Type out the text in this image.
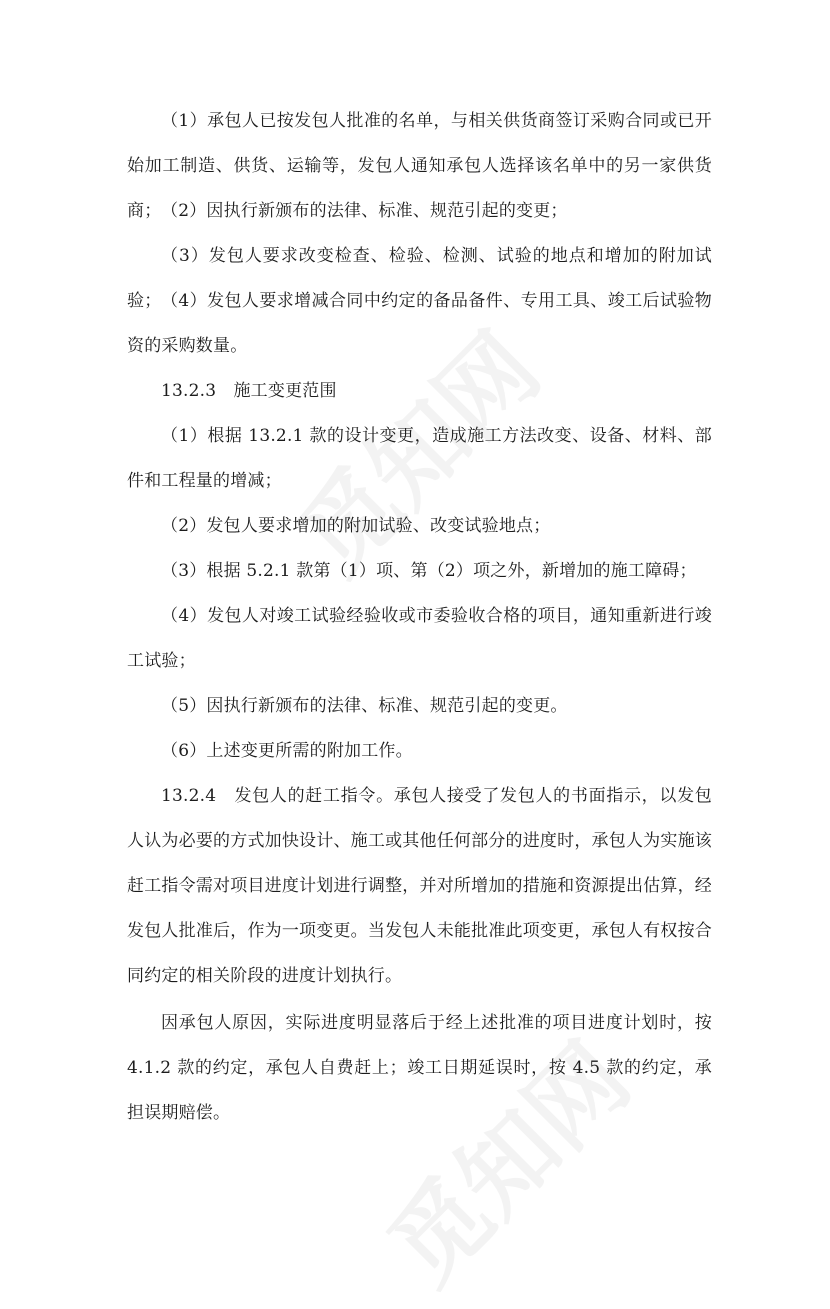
（1）承包人已按发包人批准的名单，与相关供货商签订采购合同或已开始加工制造、供货、运输等，发包人通知承包人选择该名单中的另一家供货商； （2）因执行新颁布的法律、标准、规范引起的变更；

（3）发包人要求改变检查、检验、检测、试验的地点和增加的附加试验； （4）发包人要求增减合同中约定的备品备件、专用工具、竣工后试验物资的采购数量。

13.2.3　施工变更范围

（1）根据 13.2.1 款的设计变更，造成施工方法改变、设备、材料、部件和工程量的增减；

（2）发包人要求增加的附加试验、改变试验地点；

（3）根据 5.2.1 款第（1）项、第（2）项之外，新增加的施工障碍；

（4）发包人对竣工试验经验收或市委验收合格的项目，通知重新进行竣工试验；

（5）因执行新颁布的法律、标准、规范引起的变更。

（6）上述变更所需的附加工作。

13.2.4　发包人的赶工指令。承包人接受了发包人的书面指示，以发包人认为必要的方式加快设计、施工或其他任何部分的进度时，承包人为实施该赶工指令需对项目进度计划进行调整，并对所增加的措施和资源提出估算，经发包人批准后，作为一项变更。当发包人未能批准此项变更，承包人有权按合同约定的相关阶段的进度计划执行。

因承包人原因，实际进度明显落后于经上述批准的项目进度计划时，按 4.1.2 款的约定，承包人自费赶上；竣工日期延误时，按 4.5 款的约定，承担误期赔偿。
